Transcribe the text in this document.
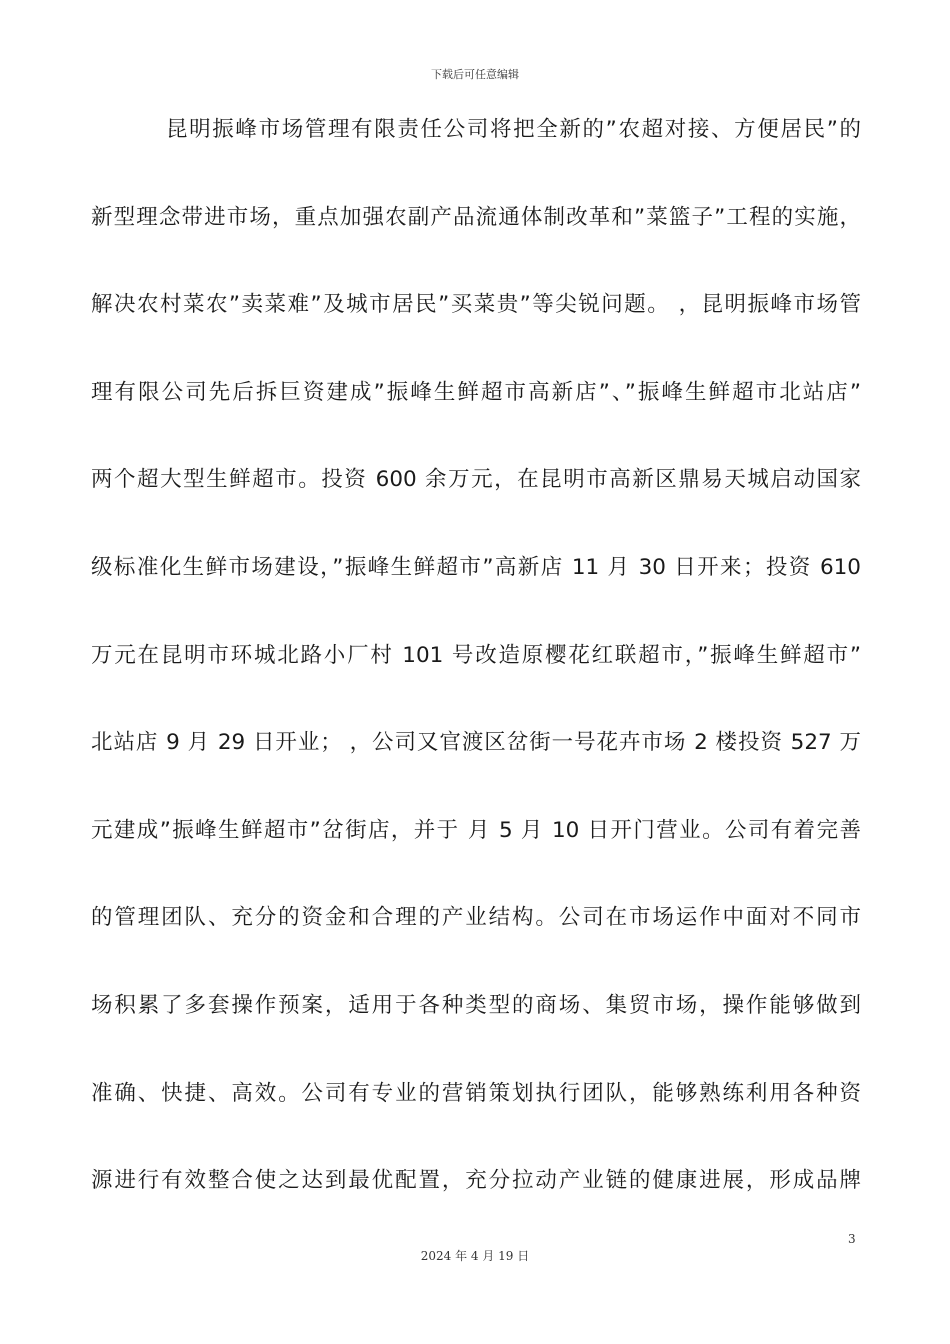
下载后可任意编辑
昆明振峰市场管理有限责任公司将把全新的”农超对接、方便居民”的
新型理念带进市场，重点加强农副产品流通体制改革和”菜篮子”工程的实施，
解决农村菜农”卖菜难”及城市居民”买菜贵”等尖锐问题。 ，昆明振峰市场管
理有限公司先后拆巨资建成”振峰生鲜超市高新店”、”振峰生鲜超市北站店”
两个超大型生鲜超市。投资 600 余万元，在昆明市高新区鼎易天城启动国家
级标准化生鲜市场建设，”振峰生鲜超市”高新店 11 月 30 日开来；投资 610
万元在昆明市环城北路小厂村 101 号改造原樱花红联超市，”振峰生鲜超市”
北站店 9 月 29 日开业； ，公司又官渡区岔街一号花卉市场 2 楼投资 527 万
元建成”振峰生鲜超市”岔街店，并于 月 5 月 10 日开门营业。公司有着完善
的管理团队、充分的资金和合理的产业结构。公司在市场运作中面对不同市
场积累了多套操作预案，适用于各种类型的商场、集贸市场，操作能够做到
准确、快捷、高效。公司有专业的营销策划执行团队，能够熟练利用各种资
源进行有效整合使之达到最优配置，充分拉动产业链的健康进展，形成品牌
3
2024 年 4 月 19 日
